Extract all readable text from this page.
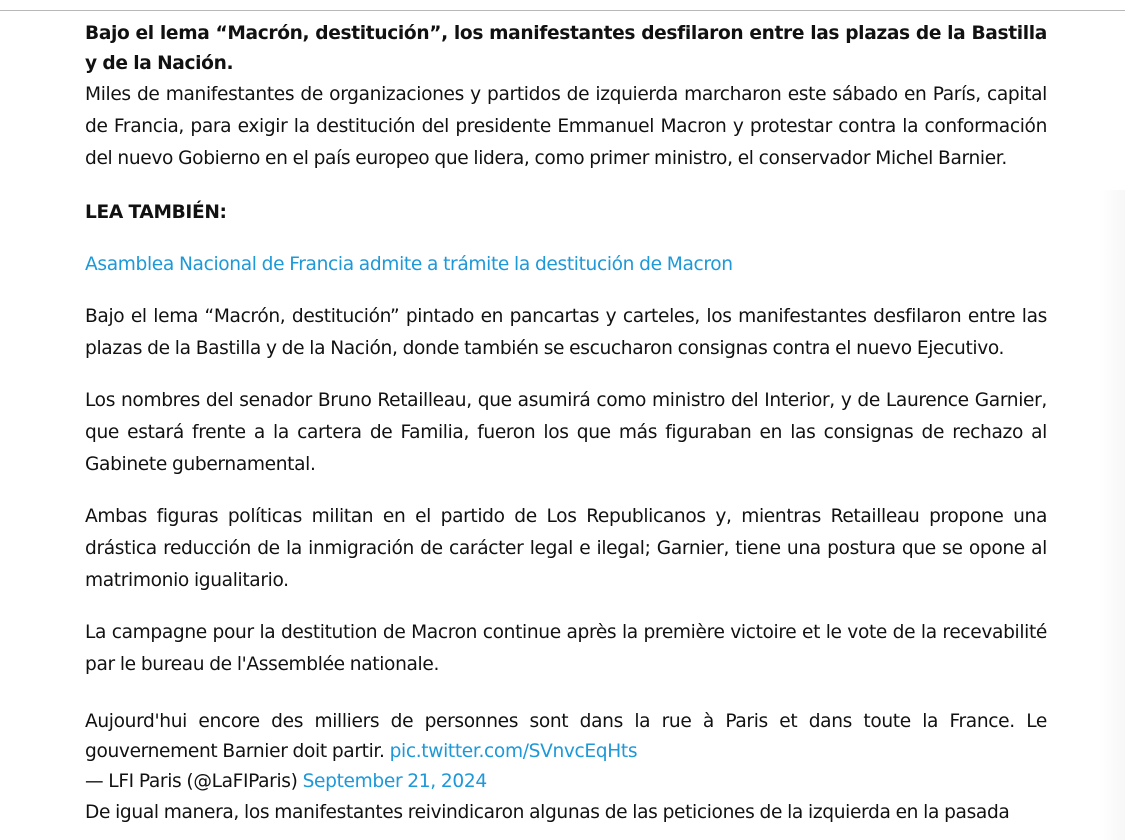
Bajo el lema “Macrón, destitución”, los manifestantes desfilaron entre las plazas de la Bastilla y de la Nación.

Miles de manifestantes de organizaciones y partidos de izquierda marcharon este sábado en París, capital de Francia, para exigir la destitución del presidente Emmanuel Macron y protestar contra la conformación del nuevo Gobierno en el país europeo que lidera, como primer ministro, el conservador Michel Barnier.

LEA TAMBIÉN:

Asamblea Nacional de Francia admite a trámite la destitución de Macron

Bajo el lema “Macrón, destitución” pintado en pancartas y carteles, los manifestantes desfilaron entre las plazas de la Bastilla y de la Nación, donde también se escucharon consignas contra el nuevo Ejecutivo.

Los nombres del senador Bruno Retailleau, que asumirá como ministro del Interior, y de Laurence Garnier, que estará frente a la cartera de Familia, fueron los que más figuraban en las consignas de rechazo al Gabinete gubernamental.

Ambas figuras políticas militan en el partido de Los Republicanos y, mientras Retailleau propone una drástica reducción de la inmigración de carácter legal e ilegal; Garnier, tiene una postura que se opone al matrimonio igualitario.

La campagne pour la destitution de Macron continue après la première victoire et le vote de la recevabilité par le bureau de l'Assemblée nationale.

Aujourd'hui encore des milliers de personnes sont dans la rue à Paris et dans toute la France. Le gouvernement Barnier doit partir. pic.twitter.com/SVnvcEqHts

— LFI Paris (@LaFIParis) September 21, 2024

De igual manera, los manifestantes reivindicaron algunas de las peticiones de la izquierda en la pasada
